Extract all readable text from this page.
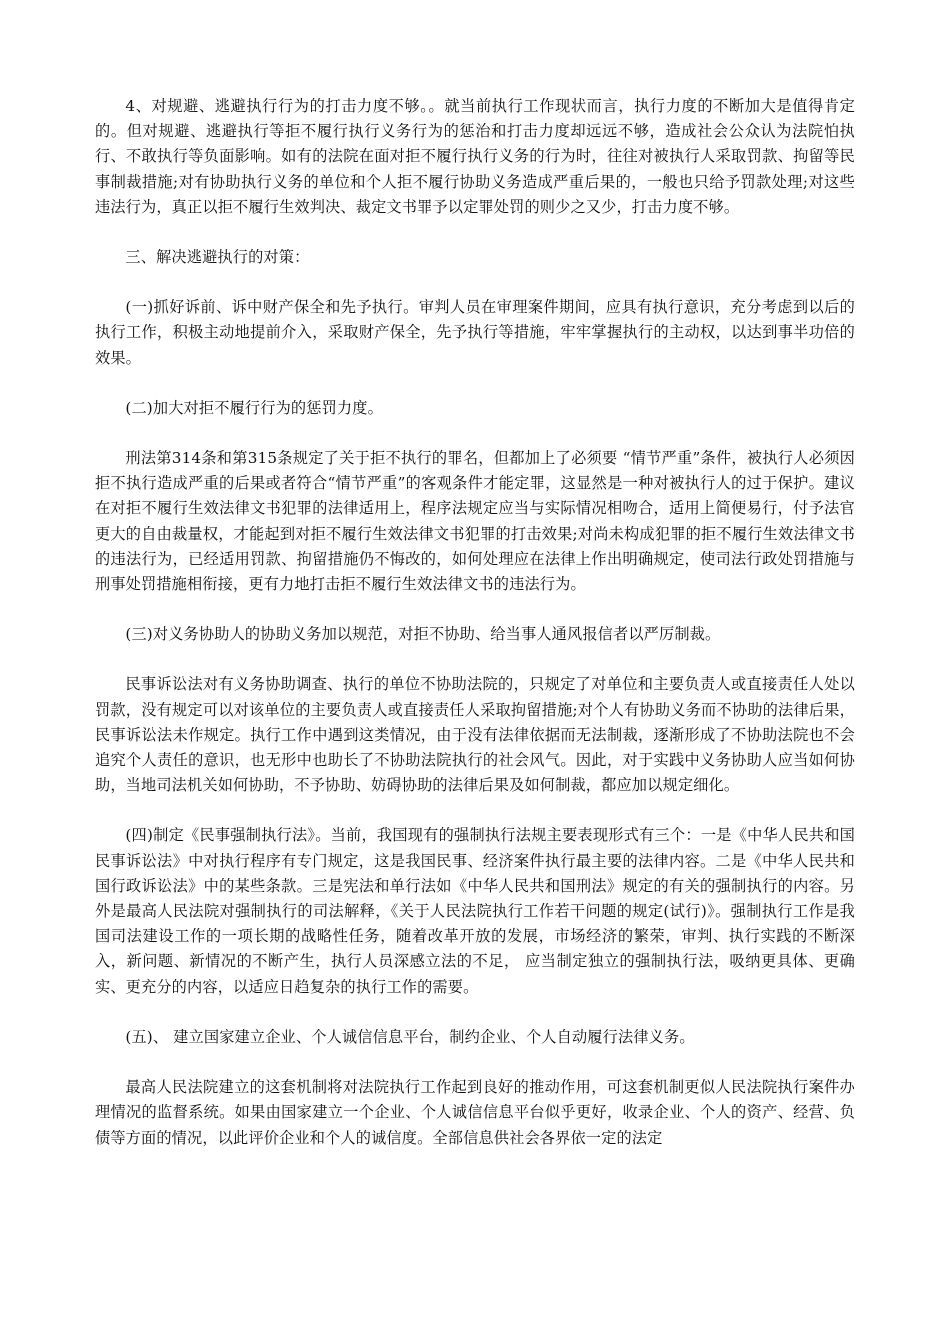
4、对规避、逃避执行行为的打击力度不够。。就当前执行工作现状而言，执行力度的不断加大是值得肯定的。但对规避、逃避执行等拒不履行执行义务行为的惩治和打击力度却远远不够，造成社会公众认为法院怕执行、不敢执行等负面影响。如有的法院在面对拒不履行执行义务的行为时，往往对被执行人采取罚款、拘留等民事制裁措施;对有协助执行义务的单位和个人拒不履行协助义务造成严重后果的，一般也只给予罚款处理;对这些违法行为，真正以拒不履行生效判决、裁定文书罪予以定罪处罚的则少之又少，打击力度不够。

三、解决逃避执行的对策：

(一)抓好诉前、诉中财产保全和先予执行。审判人员在审理案件期间，应具有执行意识，充分考虑到以后的执行工作，积极主动地提前介入，采取财产保全，先予执行等措施，牢牢掌握执行的主动权，以达到事半功倍的效果。

(二)加大对拒不履行行为的惩罚力度。

刑法第314条和第315条规定了关于拒不执行的罪名，但都加上了必须要 “情节严重”条件，被执行人必须因拒不执行造成严重的后果或者符合“情节严重”的客观条件才能定罪，这显然是一种对被执行人的过于保护。建议在对拒不履行生效法律文书犯罪的法律适用上，程序法规定应当与实际情况相吻合，适用上简便易行，付予法官更大的自由裁量权，才能起到对拒不履行生效法律文书犯罪的打击效果;对尚未构成犯罪的拒不履行生效法律文书的违法行为，已经适用罚款、拘留措施仍不悔改的，如何处理应在法律上作出明确规定，使司法行政处罚措施与刑事处罚措施相衔接，更有力地打击拒不履行生效法律文书的违法行为。

(三)对义务协助人的协助义务加以规范，对拒不协助、给当事人通风报信者以严厉制裁。

民事诉讼法对有义务协助调查、执行的单位不协助法院的，只规定了对单位和主要负责人或直接责任人处以罚款，没有规定可以对该单位的主要负责人或直接责任人采取拘留措施;对个人有协助义务而不协助的法律后果，民事诉讼法未作规定。执行工作中遇到这类情况，由于没有法律依据而无法制裁，逐渐形成了不协助法院也不会追究个人责任的意识，也无形中也助长了不协助法院执行的社会风气。因此，对于实践中义务协助人应当如何协助，当地司法机关如何协助，不予协助、妨碍协助的法律后果及如何制裁，都应加以规定细化。

(四)制定《民事强制执行法》。当前，我国现有的强制执行法规主要表现形式有三个：一是《中华人民共和国民事诉讼法》中对执行程序有专门规定，这是我国民事、经济案件执行最主要的法律内容。二是《中华人民共和国行政诉讼法》中的某些条款。三是宪法和单行法如《中华人民共和国刑法》规定的有关的强制执行的内容。另外是最高人民法院对强制执行的司法解释，《关于人民法院执行工作若干问题的规定(试行)》。强制执行工作是我国司法建设工作的一项长期的战略性任务，随着改革开放的发展，市场经济的繁荣，审判、执行实践的不断深入，新问题、新情况的不断产生，执行人员深感立法的不足， 应当制定独立的强制执行法，吸纳更具体、更确实、更充分的内容，以适应日趋复杂的执行工作的需要。

(五)、 建立国家建立企业、个人诚信信息平台，制约企业、个人自动履行法律义务。

最高人民法院建立的这套机制将对法院执行工作起到良好的推动作用，可这套机制更似人民法院执行案件办理情况的监督系统。如果由国家建立一个企业、个人诚信信息平台似乎更好，收录企业、个人的资产、经营、负债等方面的情况，以此评价企业和个人的诚信度。全部信息供社会各界依一定的法定
